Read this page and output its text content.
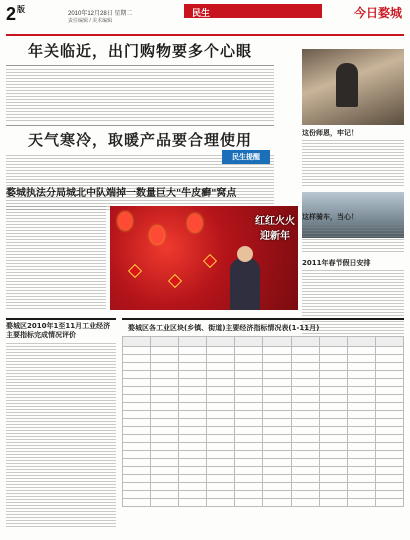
$2^版$	2010年12月28日 星期二
责任编辑 / 美术编辑
民生	今日婺城
年关临近，出门购物要多个心眼
天气寒冷，取暖产品要合理使用
民生提醒
婺城执法分局城北中队端掉一数量巨大"牛皮癣"窝点
红红火火迎新年
这份师恩，牢记！
这样骑车，当心！
2011年春节假日安排
婺城区2010年1至11月工业经济主要指标完成情况评价
婺城区各工业区块(乡镇、街道)主要经济指标情况表(1-11月)
